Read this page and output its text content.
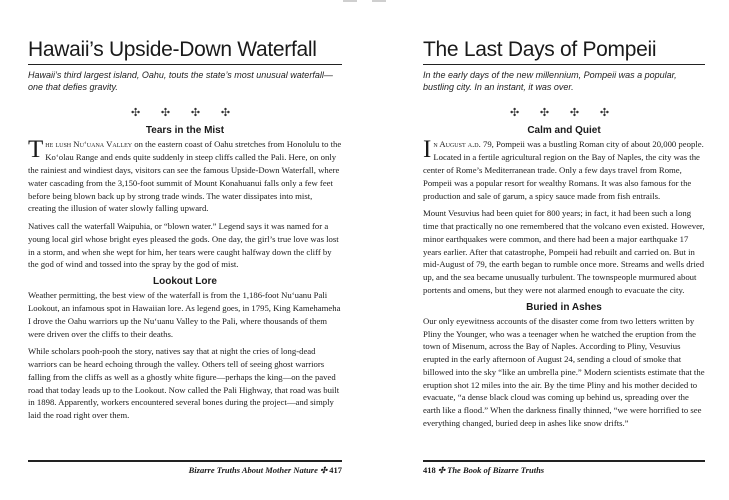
Hawaii’s Upside-Down Waterfall

Hawaii’s third largest island, Oahu, touts the state’s most unusual waterfall—one that defies gravity.

✣ ✣ ✣ ✣
Tears in the Mist

The lush Nu‘uana Valley on the eastern coast of Oahu stretches from Honolulu to the Ko‘olau Range and ends quite suddenly in steep cliffs called the Pali. Here, on only the rainiest and windiest days, visitors can see the famous Upside-Down Waterfall, where water cascading from the 3,150-foot summit of Mount Konahuanui falls only a few feet before being blown back up by strong trade winds. The water dissipates into mist, creating the illusion of water slowly falling upward.

Natives call the waterfall Waipuhia, or “blown water.” Legend says it was named for a young local girl whose bright eyes pleased the gods. One day, the girl’s true love was lost in a storm, and when she wept for him, her tears were caught halfway down the cliff by the god of wind and tossed into the spray by the god of mist.

Lookout Lore

Weather permitting, the best view of the waterfall is from the 1,186-foot Nu‘uanu Pali Lookout, an infamous spot in Hawaiian lore. As legend goes, in 1795, King Kamehameha I drove the Oahu warriors up the Nu‘uanu Valley to the Pali, where thousands of them were driven over the cliffs to their deaths.

While scholars pooh-pooh the story, natives say that at night the cries of long-dead warriors can be heard echoing through the valley. Others tell of seeing ghost warriors falling from the cliffs as well as a ghostly white figure—perhaps the king—on the paved road that today leads up to the Lookout. Now called the Pali Highway, that road was built in 1898. Apparently, workers encountered several bones during the project—and simply laid the road right over them.

Bizarre Truths About Mother Nature ✣ 417
The Last Days of Pompeii

In the early days of the new millennium, Pompeii was a popular, bustling city. In an instant, it was over.

✣ ✣ ✣ ✣
Calm and Quiet

In August a.d. 79, Pompeii was a bustling Roman city of about 20,000 people. Located in a fertile agricultural region on the Bay of Naples, the city was the center of Rome’s Mediterranean trade. Only a few days travel from Rome, Pompeii was a popular resort for wealthy Romans. It was also famous for the production and sale of garum, a spicy sauce made from fish entrails.

Mount Vesuvius had been quiet for 800 years; in fact, it had been such a long time that practically no one remembered that the volcano even existed. However, minor earthquakes were common, and there had been a major earthquake 17 years earlier. After that catastrophe, Pompeii had rebuilt and carried on. But in mid-August of 79, the earth began to rumble once more. Streams and wells dried up, and the sea became unusually turbulent. The townspeople murmured about portents and omens, but they were not alarmed enough to evacuate the city.

Buried in Ashes

Our only eyewitness accounts of the disaster come from two letters written by Pliny the Younger, who was a teenager when he watched the eruption from the town of Misenum, across the Bay of Naples. According to Pliny, Vesuvius erupted in the early afternoon of August 24, sending a cloud of smoke that billowed into the sky “like an umbrella pine.” Modern scientists estimate that the eruption shot 12 miles into the air. By the time Pliny and his mother decided to evacuate, “a dense black cloud was coming up behind us, spreading over the earth like a flood.” When the darkness finally thinned, “we were horrified to see everything changed, buried deep in ashes like snow drifts.”

418 ✣ The Book of Bizarre Truths
